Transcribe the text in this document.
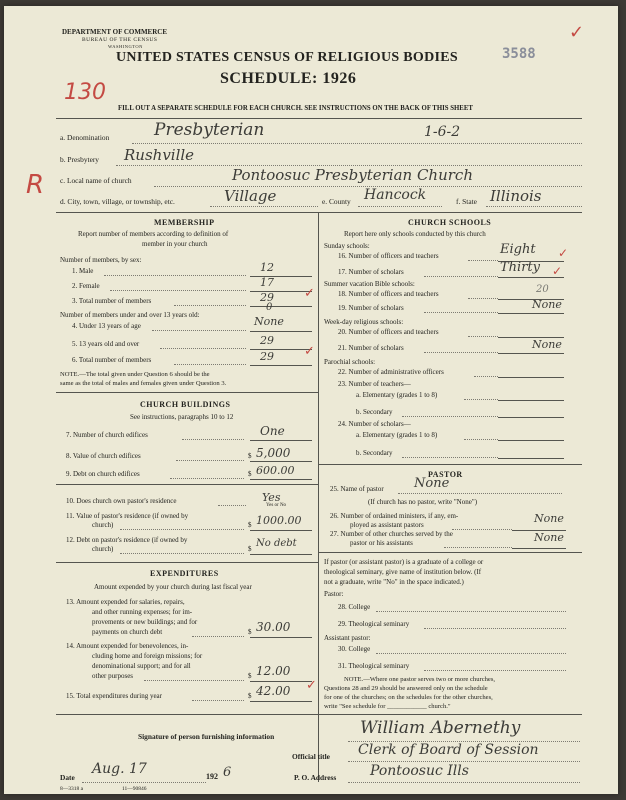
DEPARTMENT OF COMMERCE
BUREAU OF THE CENSUS
WASHINGTON
UNITED STATES CENSUS OF RELIGIOUS BODIES
SCHEDULE: 1926
3588
130
R
✓
FILL OUT A SEPARATE SCHEDULE FOR EACH CHURCH. SEE INSTRUCTIONS ON THE BACK OF THIS SHEET
a. Denomination	Presbyterian	1-6-2
b. Presbytery Rushville
c. Local name of church	Pontoosuc Presbyterian Church
d. City, town, village, or township, etc.	Village	e. County Hancock	f. State Illinois
MEMBERSHIP
Report number of members according to definition of
member in your church
Number of members, by sex:
1. Male	12
2. Female	17
3. Total number of members	29
Number of members under and over 13 years old:
0
4. Under 13 years of age	None
5. 13 years old and over	29
6. Total number of members	29
NOTE.—The total given under Question 6 should be the
same as the total of males and females given under Question 3.
CHURCH BUILDINGS
See instructions, paragraphs 10 to 12
7. Number of church edifices	One
8. Value of church edifices	$ 5,000
9. Debt on church edifices	$ 600.00
10. Does church own pastor's residence	Yes
Yes or No
11. Value of pastor's residence (if owned by
church)	$ 1000.00
12. Debt on pastor's residence (if owned by
church)	$ No debt
EXPENDITURES
Amount expended by your church during last fiscal year
13. Amount expended for salaries, repairs,
and other running expenses; for im-
provements or new buildings; and for
payments on church debt	$ 30.00
14. Amount expended for benevolences, in-
cluding home and foreign missions; for
denominational support; and for all
other purposes	$ 12.00
15. Total expenditures during year	$ 42.00
CHURCH SCHOOLS
Report here only schools conducted by this church
Sunday schools:
16. Number of officers and teachers	Eight
17. Number of scholars	Thirty
Summer vacation Bible schools:
18. Number of officers and teachers	20
19. Number of scholars	None
Week-day religious schools:
20. Number of officers and teachers
21. Number of scholars	None
Parochial schools:
22. Number of administrative officers
23. Number of teachers—
a. Elementary (grades 1 to 8)
b. Secondary
24. Number of scholars—
a. Elementary (grades 1 to 8)
b. Secondary
PASTOR
25. Name of pastor None
(If church has no pastor, write "None")
26. Number of ordained ministers, if any, em-
ployed as assistant pastors	None
27. Number of other churches served by the
pastor or his assistants	None
If pastor (or assistant pastor) is a graduate of a college or
theological seminary, give name of institution below. (If
not a graduate, write "No" in the space indicated.)
Pastor:
28. College
29. Theological seminary
Assistant pastor:
30. College
31. Theological seminary
NOTE.—Where one pastor serves two or more churches,
Questions 28 and 29 should be answered only on the schedule
for one of the churches; on the schedules for the other churches,
write "See schedule for ____________ church."
Signature of person furnishing information	William Abernethy
Official title Clerk of Board of Session
Date
Aug. 17	192 6	P. O. Address Pontoosuc Ills
8—3318 a	11—90846
✓
✓
✓
✓
✓
